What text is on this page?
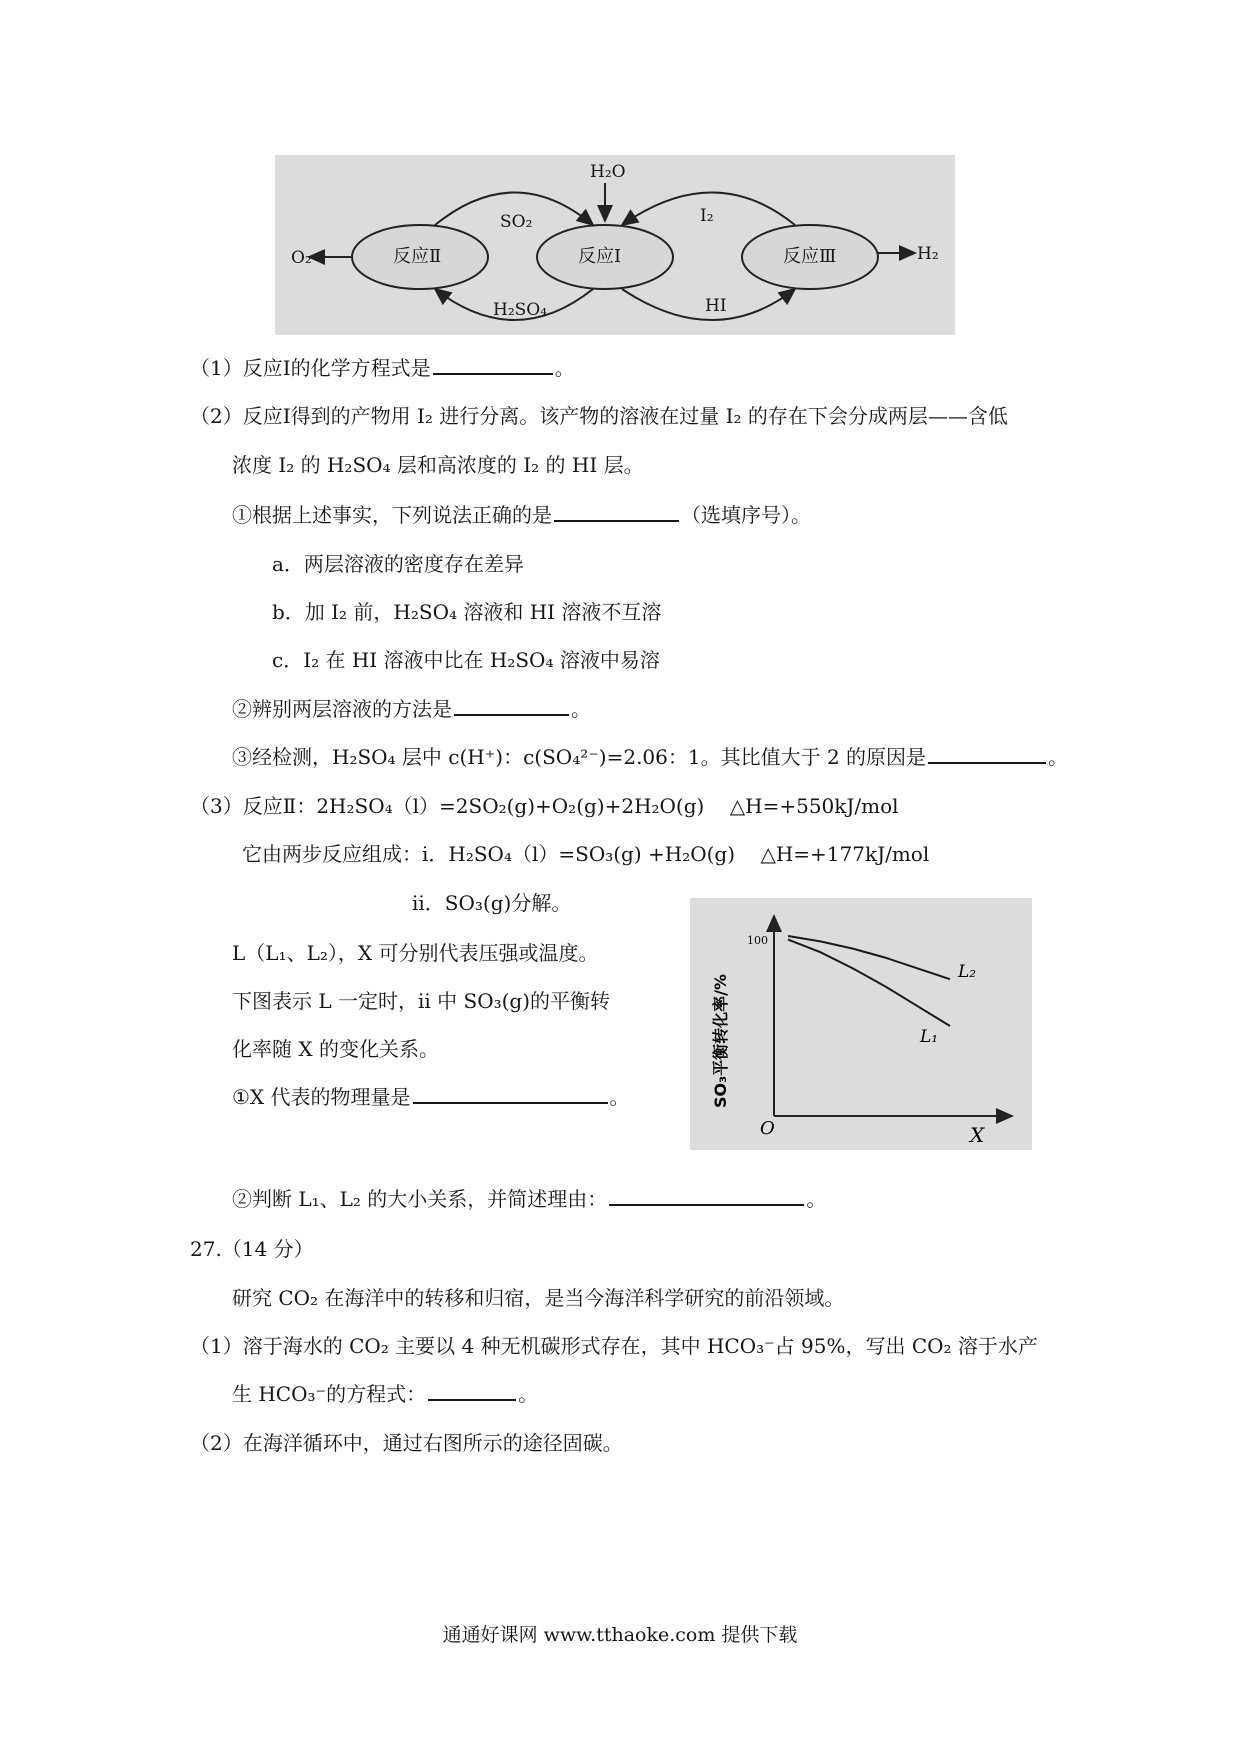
H₂O
SO₂	I₂
H₂SO₄	HI
O₂	H₂
反应Ⅱ	反应Ⅰ	反应Ⅲ
（1）反应I的化学方程式是	。
（2）反应I得到的产物用 I₂ 进行分离。该产物的溶液在过量 I₂ 的存在下会分成两层——含低
浓度 I₂ 的 H₂SO₄ 层和高浓度的 I₂ 的 HI 层。
①根据上述事实，下列说法正确的是	（选填序号）。
a．两层溶液的密度存在差异
b．加 I₂ 前，H₂SO₄ 溶液和 HI 溶液不互溶
c．I₂ 在 HI 溶液中比在 H₂SO₄ 溶液中易溶
②辨别两层溶液的方法是	。
③经检测，H₂SO₄ 层中 c(H⁺)：c(SO₄²⁻)=2.06：1。其比值大于 2 的原因是	。
（3）反应Ⅱ：2H₂SO₄（l）=2SO₂(g)+O₂(g)+2H₂O(g)    △H=+550kJ/mol
它由两步反应组成：i．H₂SO₄（l）=SO₃(g) +H₂O(g)    △H=+177kJ/mol
ii．SO₃(g)分解。
L（L₁、L₂），X 可分别代表压强或温度。
下图表示 L 一定时，ii 中 SO₃(g)的平衡转
化率随 X 的变化关系。
①X 代表的物理量是	。
L₂
L₁
100
O	X
SO₃平衡转化率/%
②判断 L₁、L₂ 的大小关系，并简述理由：	。
27.（14 分）
研究 CO₂ 在海洋中的转移和归宿，是当今海洋科学研究的前沿领域。
（1）溶于海水的 CO₂ 主要以 4 种无机碳形式存在，其中 HCO₃⁻占 95%，写出 CO₂ 溶于水产
生 HCO₃⁻的方程式：	。
（2）在海洋循环中，通过右图所示的途径固碳。
通通好课网 www.tthaoke.com 提供下载
